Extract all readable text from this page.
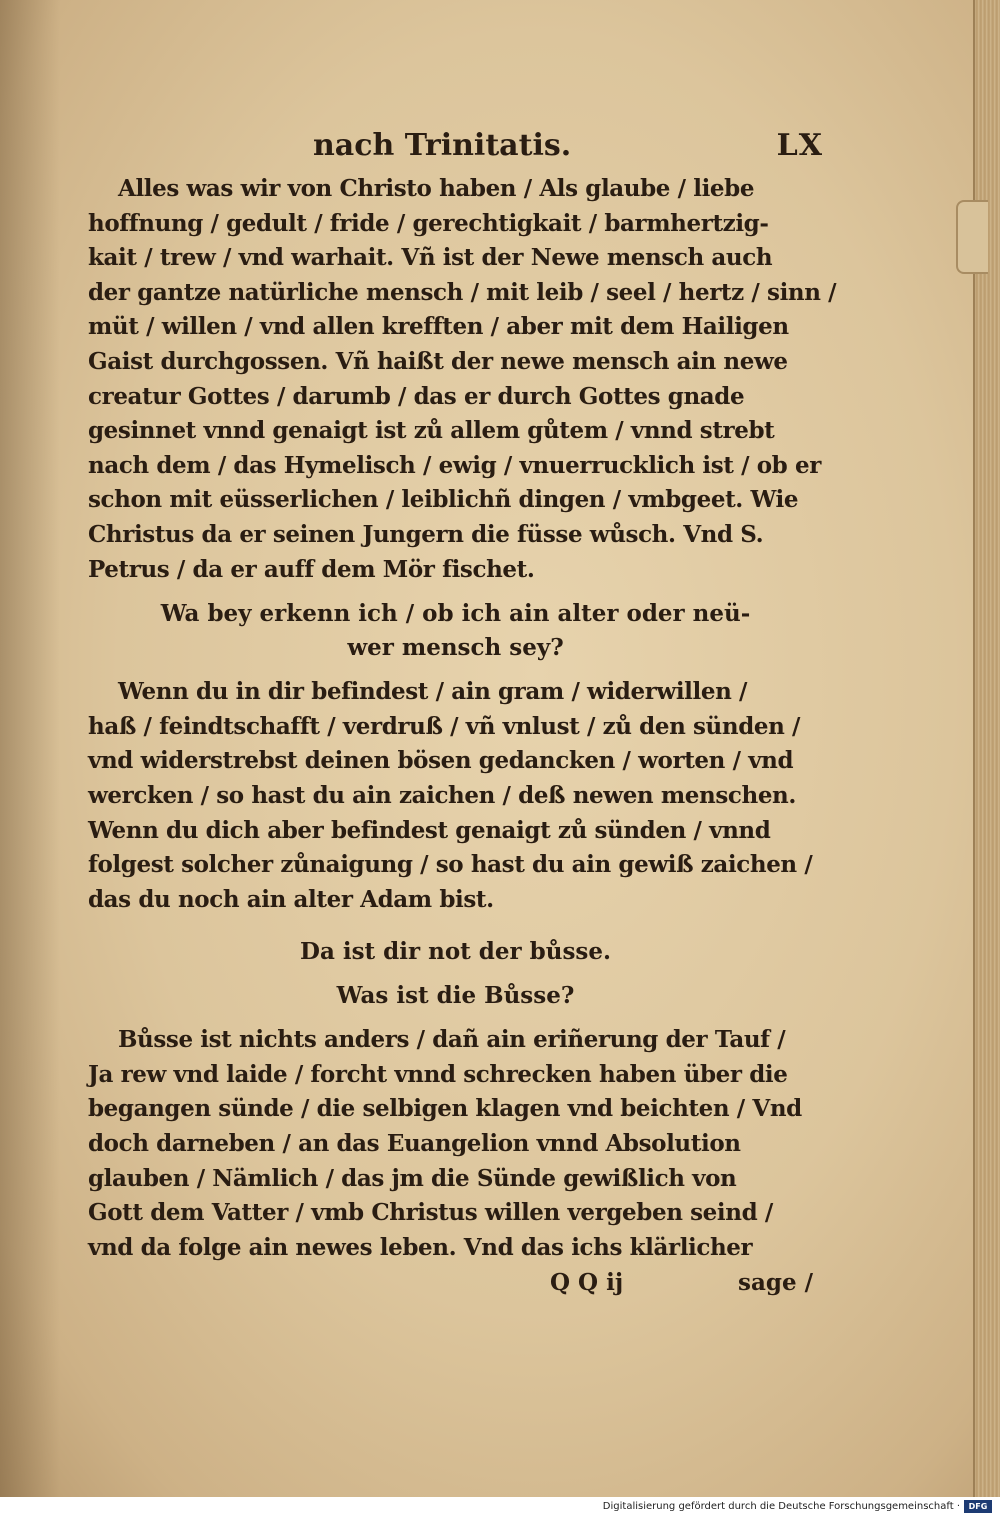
nach Trinitatis.	LX
Alles was wir von Christo haben / Als glaube / liebe
hoffnung / gedult / fride / gerechtigkait / barmhertzig-
kait / trew / vnd warhait. Vñ ist der Newe mensch auch
der gantze natürliche mensch / mit leib / seel / hertz / sinn /
müt / willen / vnd allen krefften / aber mit dem Hailigen
Gaist durchgossen. Vñ haißt der newe mensch ain newe
creatur Gottes / darumb / das er durch Gottes gnade
gesinnet vnnd genaigt ist zů allem gůtem / vnnd strebt
nach dem / das Hymelisch / ewig / vnuerrucklich ist / ob er
schon mit eüsserlichen / leiblichñ dingen / vmbgeet. Wie
Christus da er seinen Jungern die füsse wůsch. Vnd S.
Petrus / da er auff dem Mör fischet.
Wa bey erkenn ich / ob ich ain alter oder neü-
wer mensch sey?
Wenn du in dir befindest / ain gram / widerwillen /
haß / feindtschafft / verdruß / vñ vnlust / zů den sünden /
vnd widerstrebst deinen bösen gedancken / worten / vnd
wercken / so hast du ain zaichen / deß newen menschen.
Wenn du dich aber befindest genaigt zů sünden / vnnd
folgest solcher zůnaigung / so hast du ain gewiß zaichen /
das du noch ain alter Adam bist.
Da ist dir not der bůsse.
Was ist die Bůsse?
Bůsse ist nichts anders / dañ ain eriñerung der Tauf /
Ja rew vnd laide / forcht vnnd schrecken haben über die
begangen sünde / die selbigen klagen vnd beichten / Vnd
doch darneben / an das Euangelion vnnd Absolution
glauben / Nämlich / das jm die Sünde gewißlich von
Gott dem Vatter / vmb Christus willen vergeben seind /
vnd da folge ain newes leben. Vnd das ichs klärlicher
Q Q ij	sage /
Digitalisierung gefördert durch die Deutsche Forschungsgemeinschaft ·	DFG
